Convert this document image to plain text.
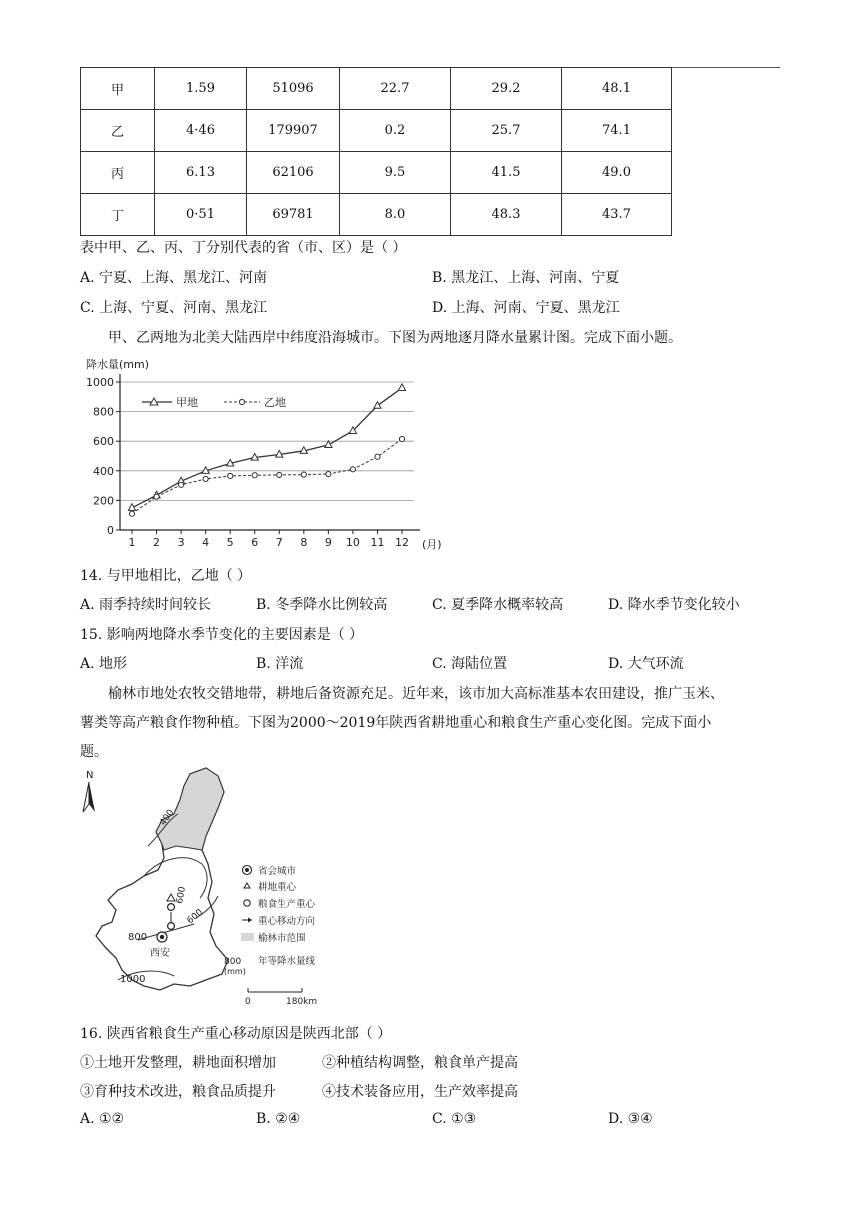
甲	1.59	51096	22.7	29.2	48.1
乙	4·46	179907	0.2	25.7	74.1
丙	6.13	62106	9.5	41.5	49.0
丁	0·51	69781	8.0	48.3	43.7
表中甲、乙、丙、丁分别代表的省（市、区）是（ ）
A. 宁夏、上海、黑龙江、河南	B. 黑龙江、上海、河南、宁夏
C. 上海、宁夏、河南、黑龙江	D. 上海、河南、宁夏、黑龙江
甲、乙两地为北美大陆西岸中纬度沿海城市。下图为两地逐月降水量累计图。完成下面小题。
降水量(mm)
0
200
400
600
800
1000
1 2 3 4 5 6 7 8 9 10 11 12
甲地	乙地
(月)
14. 与甲地相比，乙地（ ）
A. 雨季持续时间较长	B. 冬季降水比例较高	C. 夏季降水概率较高	D. 降水季节变化较小
15. 影响两地降水季节变化的主要因素是（ ）
A. 地形	B. 洋流	C. 海陆位置	D. 大气环流
榆林市地处农牧交错地带，耕地后备资源充足。近年来，该市加大高标准基本农田建设，推广玉米、
薯类等高产粮食作物种植。下图为2000～2019年陕西省耕地重心和粮食生产重心变化图。完成下面小
题。
N
400
600
600
800
1000
800
(mm)
西安
省会城市
耕地重心
粮食生产重心
重心移动方向
榆林市范围
年等降水量线
0	180km
16. 陕西省粮食生产重心移动原因是陕西北部（ ）
①土地开发整理，耕地面积增加	②种植结构调整，粮食单产提高
③育种技术改进，粮食品质提升	④技术装备应用，生产效率提高
A. ①②	B. ②④	C. ①③	D. ③④
